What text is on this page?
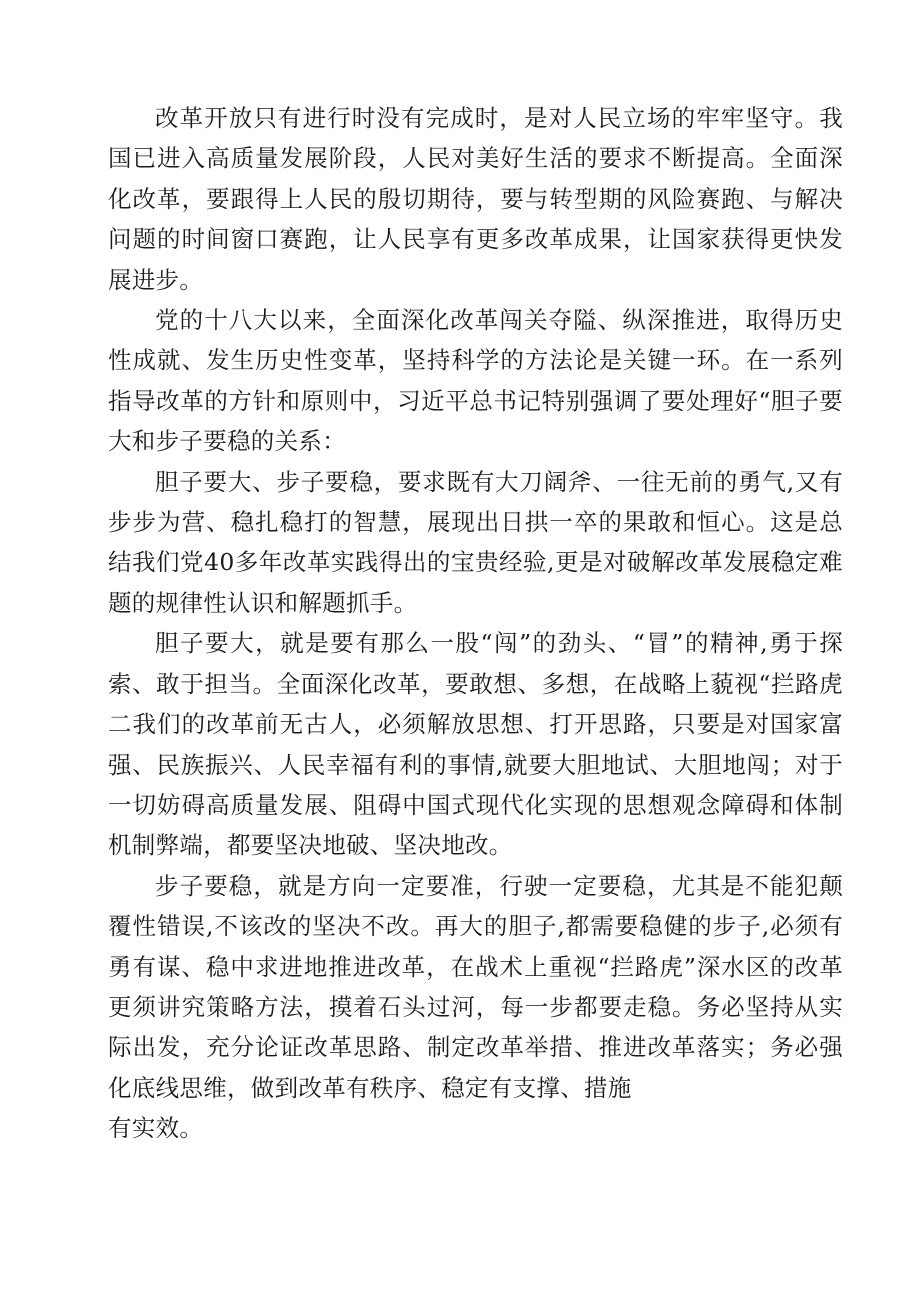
改革开放只有进行时没有完成时，是对人民立场的牢牢坚守。我国已进入高质量发展阶段，人民对美好生活的要求不断提高。全面深化改革，要跟得上人民的殷切期待，要与转型期的风险赛跑、与解决问题的时间窗口赛跑，让人民享有更多改革成果，让国家获得更快发展进步。

党的十八大以来，全面深化改革闯关夺隘、纵深推进，取得历史性成就、发生历史性变革，坚持科学的方法论是关键一环。在一系列指导改革的方针和原则中，习近平总书记特别强调了要处理好“胆子要大和步子要稳的关系：

胆子要大、步子要稳，要求既有大刀阔斧、一往无前的勇气,又有步步为营、稳扎稳打的智慧，展现出日拱一卒的果敢和恒心。这是总结我们党40多年改革实践得出的宝贵经验,更是对破解改革发展稳定难题的规律性认识和解题抓手。

胆子要大，就是要有那么一股“闯”的劲头、“冒”的精神,勇于探索、敢于担当。全面深化改革，要敢想、多想，在战略上藐视“拦路虎二我们的改革前无古人，必须解放思想、打开思路，只要是对国家富强、民族振兴、人民幸福有利的事情,就要大胆地试、大胆地闯；对于一切妨碍高质量发展、阻碍中国式现代化实现的思想观念障碍和体制机制弊端，都要坚决地破、坚决地改。

步子要稳，就是方向一定要准，行驶一定要稳，尤其是不能犯颠覆性错误,不该改的坚决不改。再大的胆子,都需要稳健的步子,必须有勇有谋、稳中求进地推进改革，在战术上重视“拦路虎”深水区的改革更须讲究策略方法，摸着石头过河，每一步都要走稳。务必坚持从实际出发，充分论证改革思路、制定改革举措、推进改革落实；务必强化底线思维，做到改革有秩序、稳定有支撑、措施

有实效。
